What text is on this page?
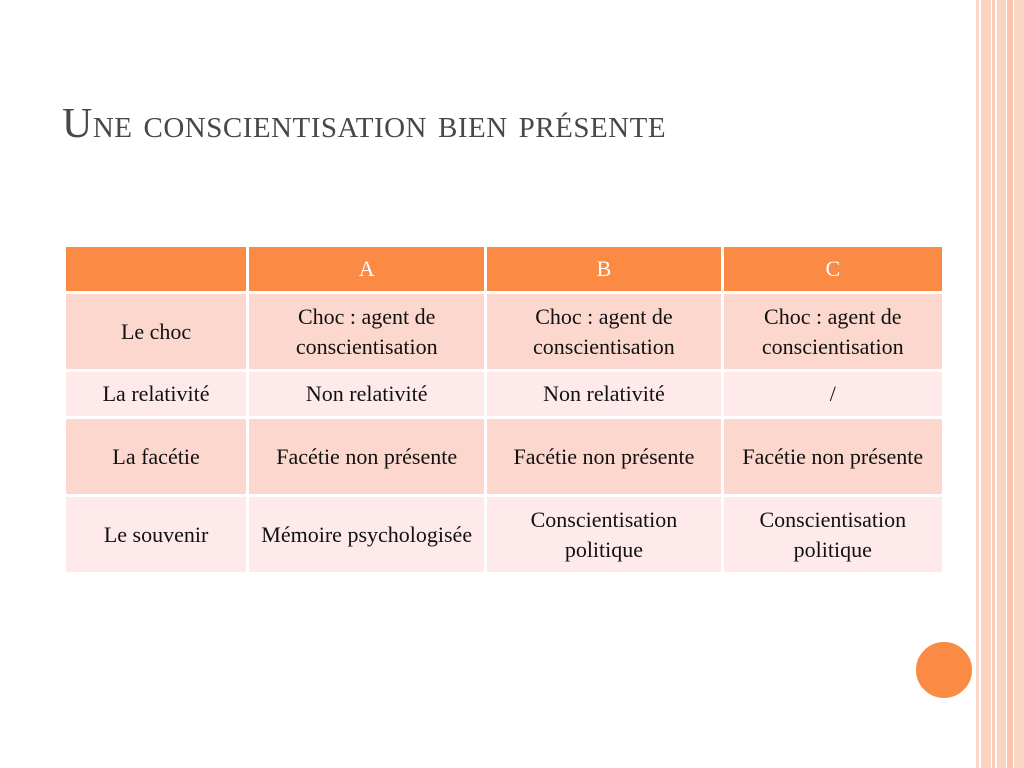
Une conscientisation bien présente
	A	B	C
Le choc	Choc : agent de conscientisation	Choc : agent de conscientisation	Choc : agent de conscientisation
La relativité	Non relativité	Non relativité	/
La facétie	Facétie non présente	Facétie non présente	Facétie non présente
Le souvenir	Mémoire psychologisée	Conscientisation politique	Conscientisation politique
